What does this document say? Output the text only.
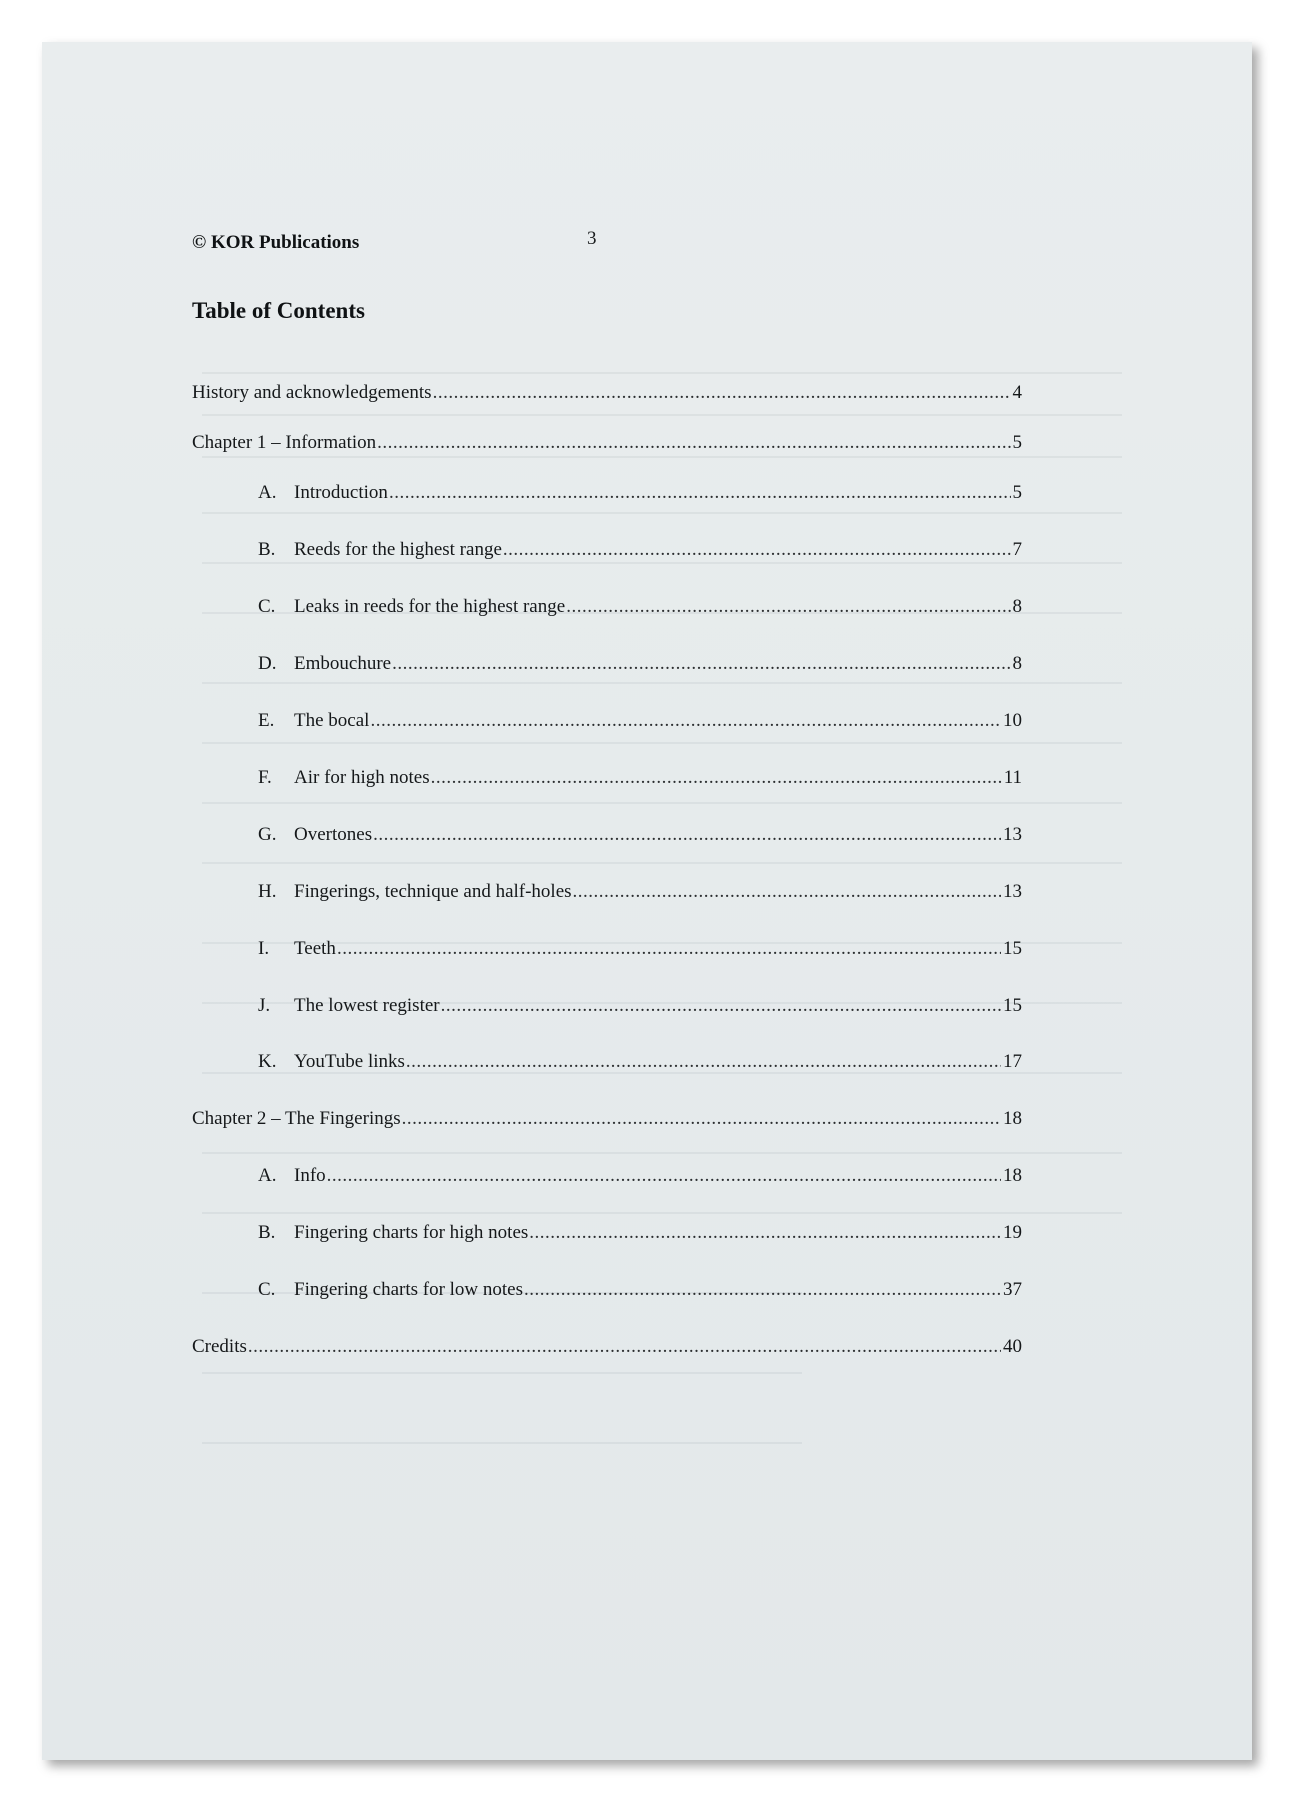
© KOR Publications	3
Table of Contents
History and acknowledgements .....	4
Chapter 1 – Information .....	5
A. Introduction .....	5
B. Reeds for the highest range .....	7
C. Leaks in reeds for the highest range .....	8
D. Embouchure .....	8
E.	The bocal .....	10
F.	Air for high notes .....	11
G. Overtones .....	13
H. Fingerings, technique and half-holes .....	13
I.	Teeth .....	15
J.	The lowest register .....	15
K. YouTube links .....	17
Chapter 2 – The Fingerings .....	18
A. Info .....	18
B. Fingering charts for high notes .....	19
C. Fingering charts for low notes .....	37
Credits .....	40
